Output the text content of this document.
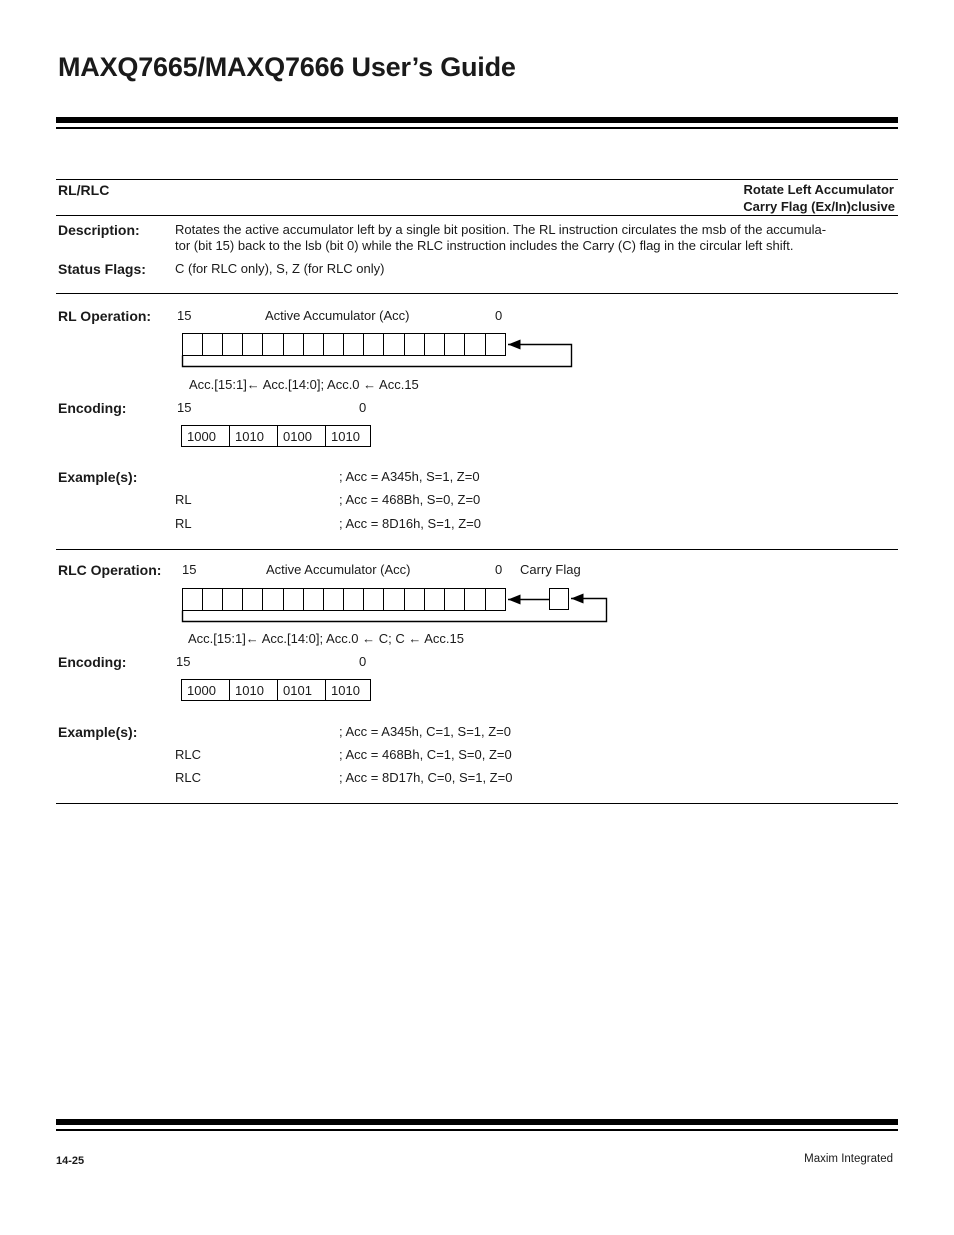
MAXQ7665/MAXQ7666 User’s Guide
RL/RLC	Rotate Left Accumulator
Carry Flag (Ex/In)clusive
Description:	Rotates the active accumulator left by a single bit position. The RL instruction circulates the msb of the accumula-
tor (bit 15) back to the lsb (bit 0) while the RLC instruction includes the Carry (C) flag in the circular left shift.
Status Flags: C (for RLC only), S, Z (for RLC only)
RL Operation: 15	Active Accumulator (Acc)	0
Acc.[15:1]← Acc.[14:0]; Acc.0 ← Acc.15
Encoding:	15	0
1000	1010	0100	1010
Example(s):	; Acc = A345h, S=1, Z=0
RL	; Acc = 468Bh, S=0, Z=0
RL	; Acc = 8D16h, S=1, Z=0
RLC Operation: 15	Active Accumulator (Acc)	0 Carry Flag
Acc.[15:1]← Acc.[14:0]; Acc.0 ← C; C ← Acc.15
Encoding:	15	0
1000	1010	0101	1010
Example(s):	; Acc = A345h, C=1, S=1, Z=0
RLC	; Acc = 468Bh, C=1, S=0, Z=0
RLC	; Acc = 8D17h, C=0, S=1, Z=0
14-25	Maxim Integrated
